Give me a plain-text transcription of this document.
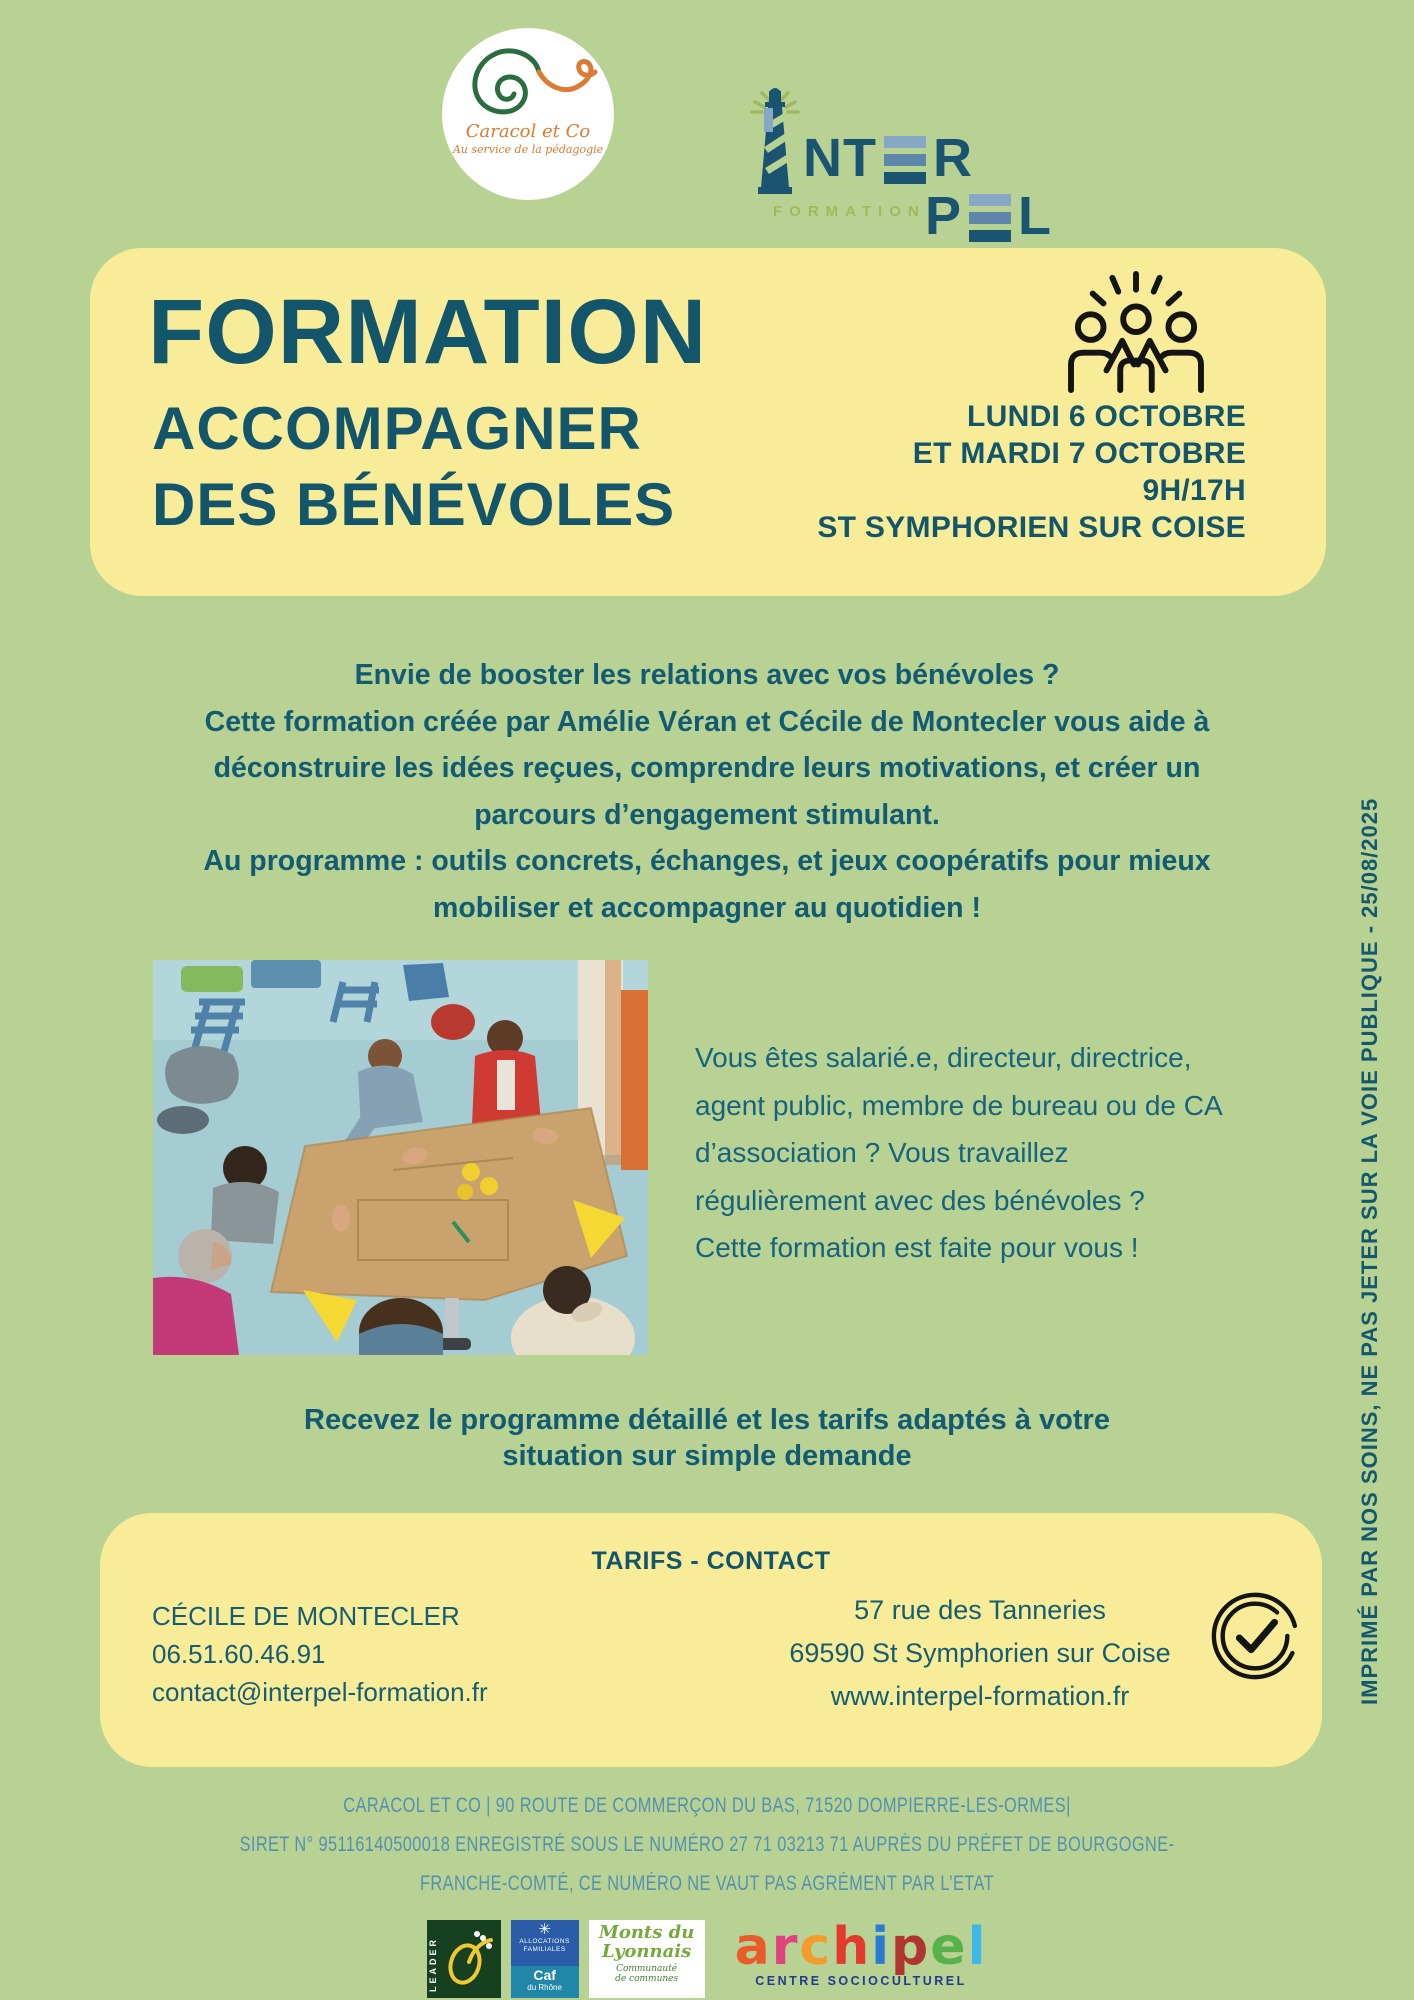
Caracol et Co
Au service de la pédagogie	NT R
FORMATION P L
FORMATION
ACCOMPAGNER
DES BÉNÉVOLES
LUNDI 6 OCTOBRE
ET MARDI 7 OCTOBRE
9H/17H
ST SYMPHORIEN SUR COISE
Envie de booster les relations avec vos bénévoles ?
Cette formation créée par Amélie Véran et Cécile de Montecler vous aide à
déconstruire les idées reçues, comprendre leurs motivations, et créer un
parcours d’engagement stimulant.
Au programme : outils concrets, échanges, et jeux coopératifs pour mieux
mobiliser et accompagner au quotidien !
Vous êtes salarié.e, directeur, directrice,
agent public, membre de bureau ou de CA
d’association ? Vous travaillez
régulièrement avec des bénévoles ?
Cette formation est faite pour vous !
Recevez le programme détaillé et les tarifs adaptés à votre
situation sur simple demande
TARIFS - CONTACT
CÉCILE DE MONTECLER
06.51.60.46.91
contact@interpel-formation.fr
57 rue des Tanneries
69590 St Symphorien sur Coise
www.interpel-formation.fr
CARACOL ET CO | 90 ROUTE DE COMMERÇON DU BAS, 71520 DOMPIERRE-LES-ORMES|
SIRET N° 95116140500018 ENREGISTRÉ SOUS LE NUMÉRO 27 71 03213 71 AUPRÈS DU PRÉFET DE BOURGOGNE-
FRANCHE-COMTÉ, CE NUMÉRO NE VAUT PAS AGRÉMENT PAR L’ETAT
LEADER
✳
ALLOCATIONS
FAMILIALES
Caf
du Rhône
Monts du
Lyonnais
Communauté
de communes
archipel
CENTRE SOCIOCULTUREL
IMPRIMÉ PAR NOS SOINS, NE PAS JETER SUR LA VOIE PUBLIQUE - 25/08/2025
